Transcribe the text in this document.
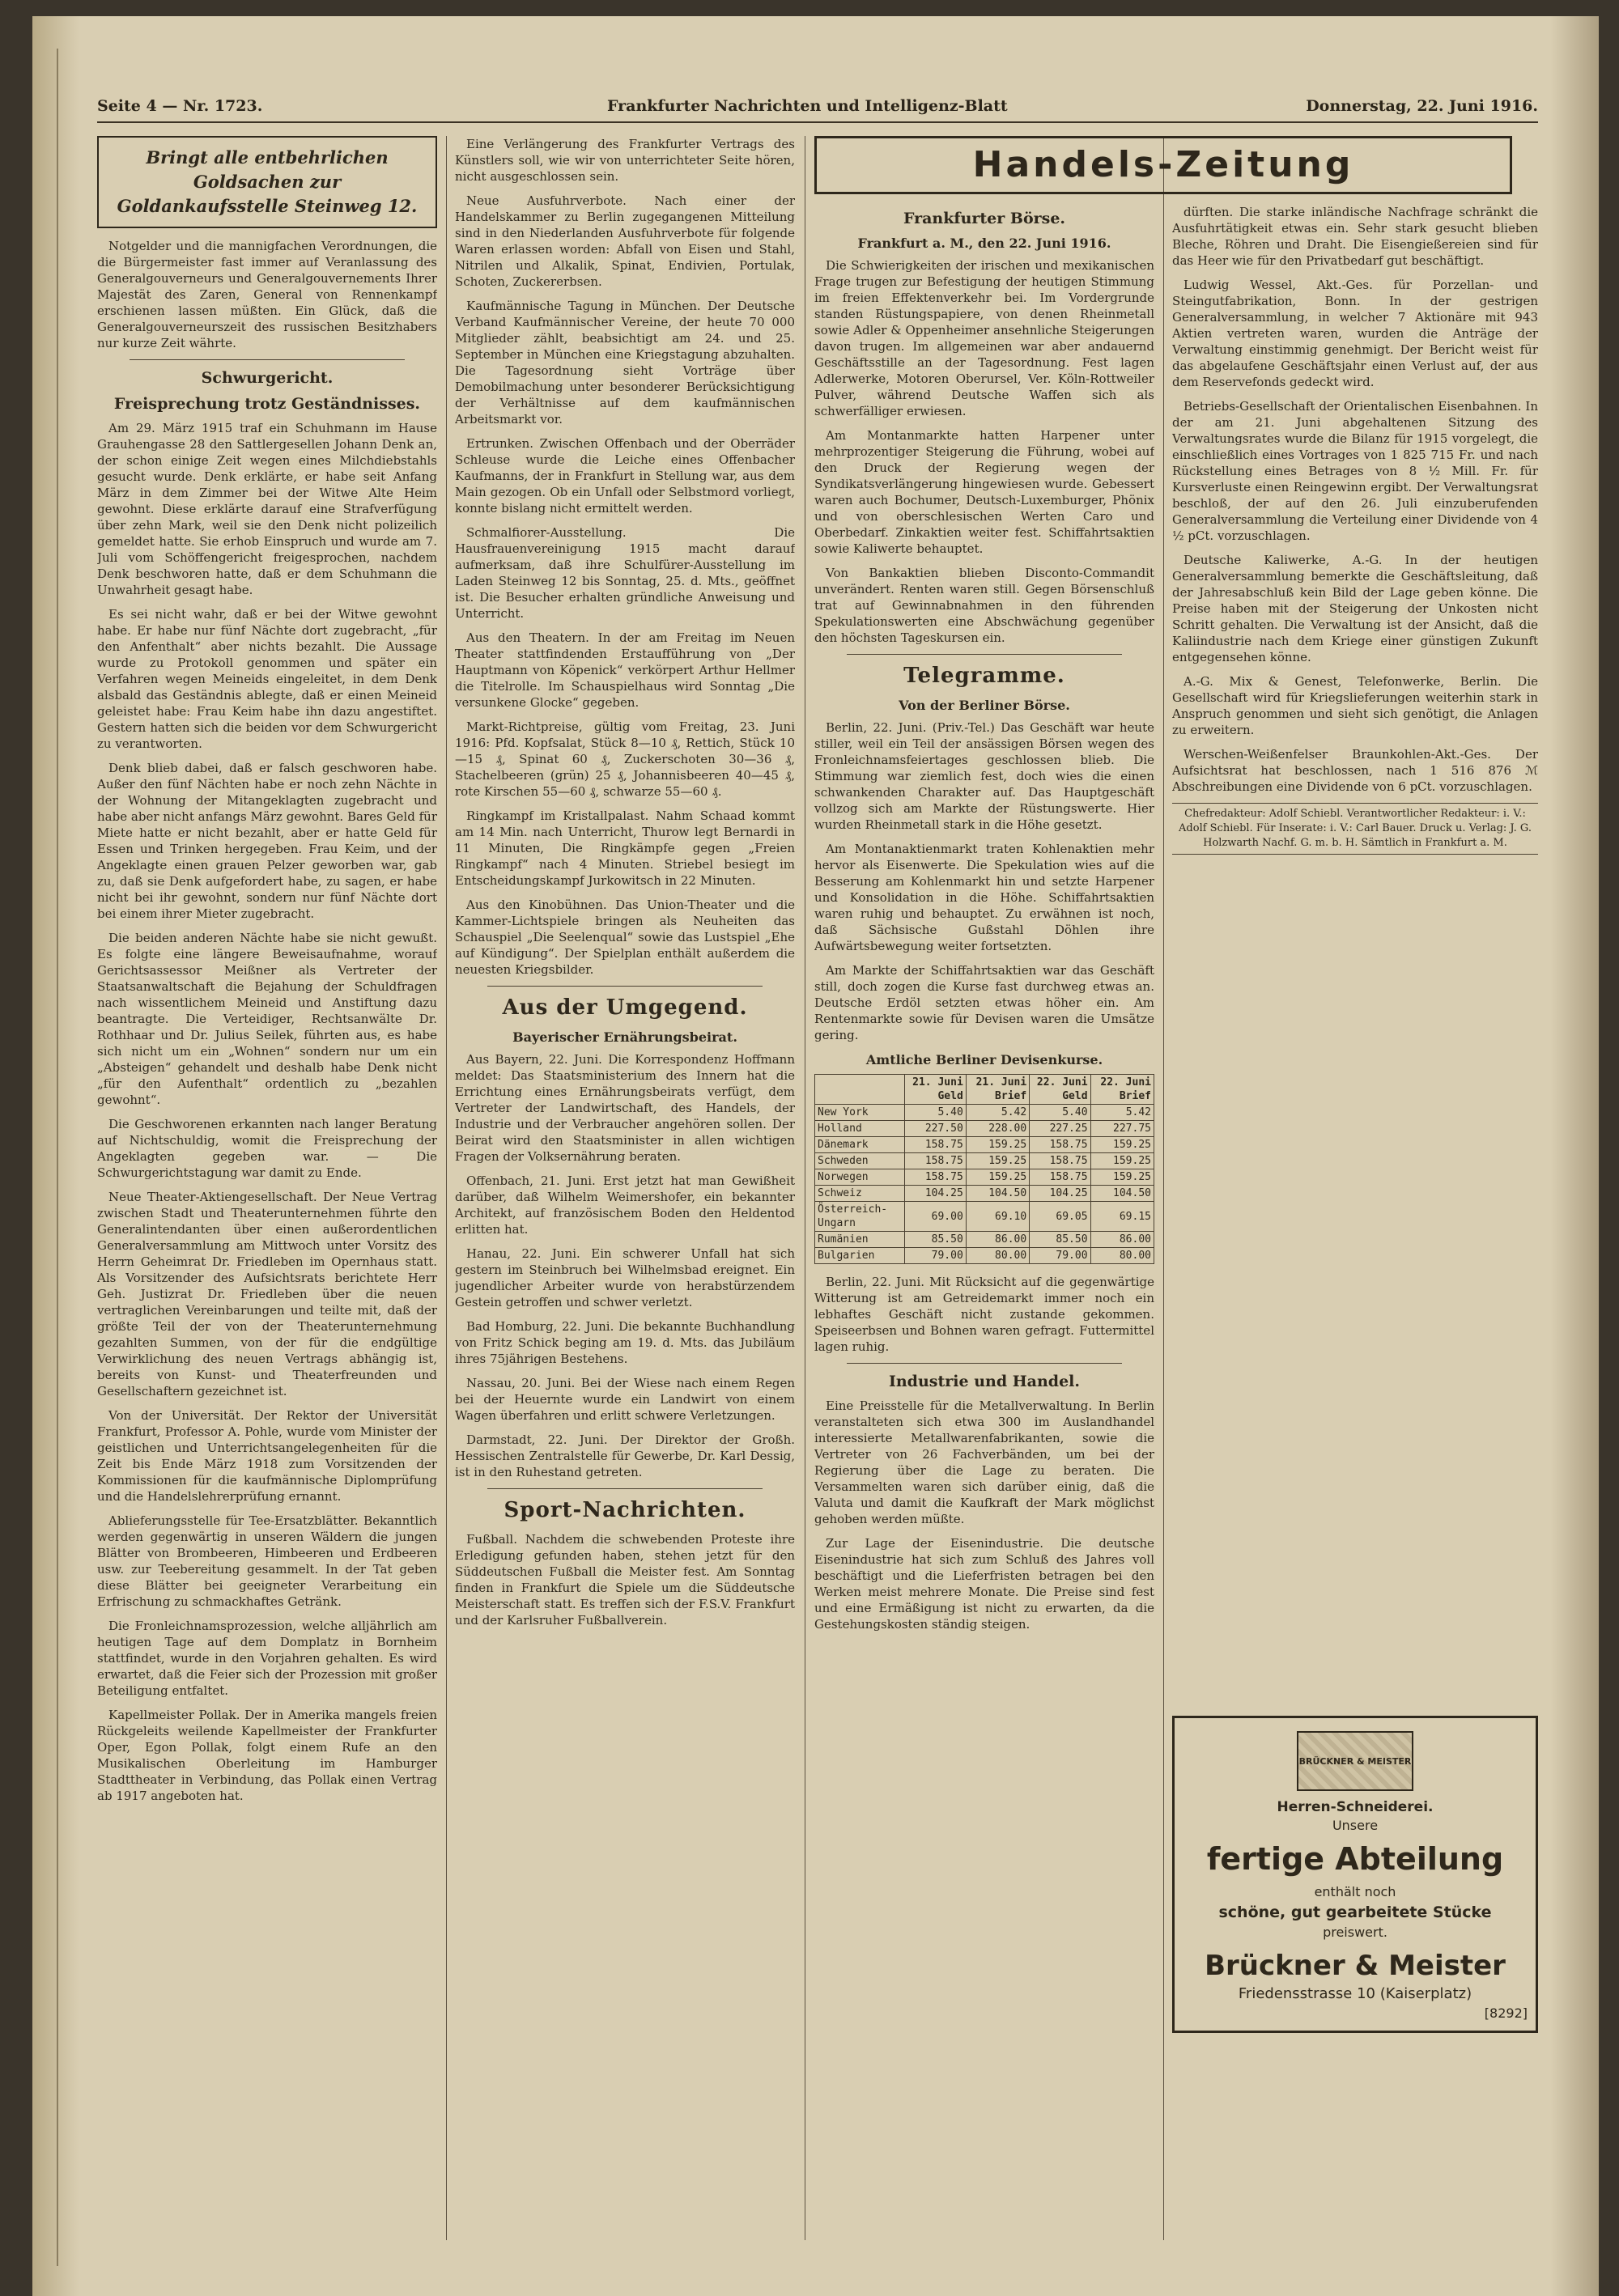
Seite 4 — Nr. 1723.	Frankfurter Nachrichten und Intelligenz-Blatt	Donnerstag, 22. Juni 1916.
Bringt alle entbehrlichen Goldsachen zur Goldankaufsstelle Steinweg 12.

Notgelder und die mannigfachen Verordnungen, die die Bürgermeister fast immer auf Veranlassung des Generalgouverneurs und Generalgouvernements Ihrer Majestät des Zaren, General von Rennenkampf erschienen lassen müßten. Ein Glück, daß die Generalgouverneurszeit des russischen Besitzhabers nur kurze Zeit währte.

Schwurgericht.
Freisprechung trotz Geständnisses.

Am 29. März 1915 traf ein Schuhmann im Hause Grauhengasse 28 den Sattlergesellen Johann Denk an, der schon einige Zeit wegen eines Milchdiebstahls gesucht wurde. Denk erklärte, er habe seit Anfang März in dem Zimmer bei der Witwe Alte Heim gewohnt. Diese erklärte darauf eine Strafverfügung über zehn Mark, weil sie den Denk nicht polizeilich gemeldet hatte. Sie erhob Einspruch und wurde am 7. Juli vom Schöffengericht freigesprochen, nachdem Denk beschworen hatte, daß er dem Schuhmann die Unwahrheit gesagt habe.

Es sei nicht wahr, daß er bei der Witwe gewohnt habe. Er habe nur fünf Nächte dort zugebracht, „für den Anfenthalt“ aber nichts bezahlt. Die Aussage wurde zu Protokoll genommen und später ein Verfahren wegen Meineids eingeleitet, in dem Denk alsbald das Geständnis ablegte, daß er einen Meineid geleistet habe: Frau Keim habe ihn dazu angestiftet. Gestern hatten sich die beiden vor dem Schwurgericht zu verantworten.

Denk blieb dabei, daß er falsch geschworen habe. Außer den fünf Nächten habe er noch zehn Nächte in der Wohnung der Mitangeklagten zugebracht und habe aber nicht anfangs März gewohnt. Bares Geld für Miete hatte er nicht bezahlt, aber er hatte Geld für Essen und Trinken hergegeben. Frau Keim, und der Angeklagte einen grauen Pelzer geworben war, gab zu, daß sie Denk aufgefordert habe, zu sagen, er habe nicht bei ihr gewohnt, sondern nur fünf Nächte dort bei einem ihrer Mieter zugebracht.

Die beiden anderen Nächte habe sie nicht gewußt. Es folgte eine längere Beweisaufnahme, worauf Gerichtsassessor Meißner als Vertreter der Staatsanwaltschaft die Bejahung der Schuldfragen nach wissentlichem Meineid und Anstiftung dazu beantragte. Die Verteidiger, Rechtsanwälte Dr. Rothhaar und Dr. Julius Seilek, führten aus, es habe sich nicht um ein „Wohnen“ sondern nur um ein „Absteigen“ gehandelt und deshalb habe Denk nicht „für den Aufenthalt“ ordentlich zu „bezahlen gewohnt“.

Die Geschworenen erkannten nach langer Beratung auf Nichtschuldig, womit die Freisprechung der Angeklagten gegeben war. — Die Schwurgerichtstagung war damit zu Ende.

Neue Theater-Aktiengesellschaft. Der Neue Vertrag zwischen Stadt und Theaterunternehmen führte den Generalintendanten über einen außerordentlichen Generalversammlung am Mittwoch unter Vorsitz des Herrn Geheimrat Dr. Friedleben im Opernhaus statt. Als Vorsitzender des Aufsichtsrats berichtete Herr Geh. Justizrat Dr. Friedleben über die neuen vertraglichen Vereinbarungen und teilte mit, daß der größte Teil der von der Theaterunternehmung gezahlten Summen, von der für die endgültige Verwirklichung des neuen Vertrags abhängig ist, bereits von Kunst- und Theaterfreunden und Gesellschaftern gezeichnet ist.

Von der Universität. Der Rektor der Universität Frankfurt, Professor A. Pohle, wurde vom Minister der geistlichen und Unterrichtsangelegenheiten für die Zeit bis Ende März 1918 zum Vorsitzenden der Kommissionen für die kaufmännische Diplomprüfung und die Handelslehrerprüfung ernannt.

Ablieferungsstelle für Tee-Ersatzblätter. Bekanntlich werden gegenwärtig in unseren Wäldern die jungen Blätter von Brombeeren, Himbeeren und Erdbeeren usw. zur Teebereitung gesammelt. In der Tat geben diese Blätter bei geeigneter Verarbeitung ein Erfrischung zu schmackhaftes Getränk.

Die Fronleichnamsprozession, welche alljährlich am heutigen Tage auf dem Domplatz in Bornheim stattfindet, wurde in den Vorjahren gehalten. Es wird erwartet, daß die Feier sich der Prozession mit großer Beteiligung entfaltet.

Kapellmeister Pollak. Der in Amerika mangels freien Rückgeleits weilende Kapellmeister der Frankfurter Oper, Egon Pollak, folgt einem Rufe an den Musikalischen Oberleitung im Hamburger Stadttheater in Verbindung, das Pollak einen Vertrag ab 1917 angeboten hat.

Eine Verlängerung des Frankfurter Vertrags des Künstlers soll, wie wir von unterrichteter Seite hören, nicht ausgeschlossen sein.

Neue Ausfuhrverbote. Nach einer der Handelskammer zu Berlin zugegangenen Mitteilung sind in den Niederlanden Ausfuhrverbote für folgende Waren erlassen worden: Abfall von Eisen und Stahl, Nitrilen und Alkalik, Spinat, Endivien, Portulak, Schoten, Zuckererbsen.

Kaufmännische Tagung in München. Der Deutsche Verband Kaufmännischer Vereine, der heute 70 000 Mitglieder zählt, beabsichtigt am 24. und 25. September in München eine Kriegstagung abzuhalten. Die Tagesordnung sieht Vorträge über Demobilmachung unter besonderer Berücksichtigung der Verhältnisse auf dem kaufmännischen Arbeitsmarkt vor.

Ertrunken. Zwischen Offenbach und der Oberräder Schleuse wurde die Leiche eines Offenbacher Kaufmanns, der in Frankfurt in Stellung war, aus dem Main gezogen. Ob ein Unfall oder Selbstmord vorliegt, konnte bislang nicht ermittelt werden.

Schmalfiorer-Ausstellung. Die Hausfrauenvereinigung 1915 macht darauf aufmerksam, daß ihre Schulfürer-Ausstellung im Laden Steinweg 12 bis Sonntag, 25. d. Mts., geöffnet ist. Die Besucher erhalten gründliche Anweisung und Unterricht.

Aus den Theatern. In der am Freitag im Neuen Theater stattfindenden Erstaufführung von „Der Hauptmann von Köpenick“ verkörpert Arthur Hellmer die Titelrolle. Im Schauspielhaus wird Sonntag „Die versunkene Glocke“ gegeben.

Markt-Richtpreise, gültig vom Freitag, 23. Juni 1916: Pfd. Kopfsalat, Stück 8—10 ₰, Rettich, Stück 10—15 ₰, Spinat 60 ₰, Zuckerschoten 30—36 ₰, Stachelbeeren (grün) 25 ₰, Johannisbeeren 40—45 ₰, rote Kirschen 55—60 ₰, schwarze 55—60 ₰.

Ringkampf im Kristallpalast. Nahm Schaad kommt am 14 Min. nach Unterricht, Thurow legt Bernardi in 11 Minuten, Die Ringkämpfe gegen „Freien Ringkampf“ nach 4 Minuten. Striebel besiegt im Entscheidungskampf Jurkowitsch in 22 Minuten.

Aus den Kinobühnen. Das Union-Theater und die Kammer-Lichtspiele bringen als Neuheiten das Schauspiel „Die Seelenqual“ sowie das Lustspiel „Ehe auf Kündigung“. Der Spielplan enthält außerdem die neuesten Kriegsbilder.

Aus der Umgegend.
Bayerischer Ernährungsbeirat.

Aus Bayern, 22. Juni. Die Korrespondenz Hoffmann meldet: Das Staatsministerium des Innern hat die Errichtung eines Ernährungsbeirats verfügt, dem Vertreter der Landwirtschaft, des Handels, der Industrie und der Verbraucher angehören sollen. Der Beirat wird den Staatsminister in allen wichtigen Fragen der Volksernährung beraten.

Offenbach, 21. Juni. Erst jetzt hat man Gewißheit darüber, daß Wilhelm Weimershofer, ein bekannter Architekt, auf französischem Boden den Heldentod erlitten hat.

Hanau, 22. Juni. Ein schwerer Unfall hat sich gestern im Steinbruch bei Wilhelmsbad ereignet. Ein jugendlicher Arbeiter wurde von herabstürzendem Gestein getroffen und schwer verletzt.

Bad Homburg, 22. Juni. Die bekannte Buchhandlung von Fritz Schick beging am 19. d. Mts. das Jubiläum ihres 75jährigen Bestehens.

Nassau, 20. Juni. Bei der Wiese nach einem Regen bei der Heuernte wurde ein Landwirt von einem Wagen überfahren und erlitt schwere Verletzungen.

Darmstadt, 22. Juni. Der Direktor der Großh. Hessischen Zentralstelle für Gewerbe, Dr. Karl Dessig, ist in den Ruhestand getreten.

Sport-Nachrichten.

Fußball. Nachdem die schwebenden Proteste ihre Erledigung gefunden haben, stehen jetzt für den Süddeutschen Fußball die Meister fest. Am Sonntag finden in Frankfurt die Spiele um die Süddeutsche Meisterschaft statt. Es treffen sich der F.S.V. Frankfurt und der Karlsruher Fußballverein.

Handels-Zeitung
Frankfurter Börse.
Frankfurt a. M., den 22. Juni 1916.

Die Schwierigkeiten der irischen und mexikanischen Frage trugen zur Befestigung der heutigen Stimmung im freien Effektenverkehr bei. Im Vordergrunde standen Rüstungspapiere, von denen Rheinmetall sowie Adler & Oppenheimer ansehnliche Steigerungen davon trugen. Im allgemeinen war aber andauernd Geschäftsstille an der Tagesordnung. Fest lagen Adlerwerke, Motoren Oberursel, Ver. Köln-Rottweiler Pulver, während Deutsche Waffen sich als schwerfälliger erwiesen.

Am Montanmarkte hatten Harpener unter mehrprozentiger Steigerung die Führung, wobei auf den Druck der Regierung wegen der Syndikatsverlängerung hingewiesen wurde. Gebessert waren auch Bochumer, Deutsch-Luxemburger, Phönix und von oberschlesischen Werten Caro und Oberbedarf. Zinkaktien weiter fest. Schiffahrtsaktien sowie Kaliwerte behauptet.

Von Bankaktien blieben Disconto-Commandit unverändert. Renten waren still. Gegen Börsenschluß trat auf Gewinnabnahmen in den führenden Spekulationswerten eine Abschwächung gegenüber den höchsten Tageskursen ein.

Telegramme.
Von der Berliner Börse.

Berlin, 22. Juni. (Priv.-Tel.) Das Geschäft war heute stiller, weil ein Teil der ansässigen Börsen wegen des Fronleichnamsfeiertages geschlossen blieb. Die Stimmung war ziemlich fest, doch wies die einen schwankenden Charakter auf. Das Hauptgeschäft vollzog sich am Markte der Rüstungswerte. Hier wurden Rheinmetall stark in die Höhe gesetzt.

Am Montanaktienmarkt traten Kohlenaktien mehr hervor als Eisenwerte. Die Spekulation wies auf die Besserung am Kohlenmarkt hin und setzte Harpener und Konsolidation in die Höhe. Schiffahrtsaktien waren ruhig und behauptet. Zu erwähnen ist noch, daß Sächsische Gußstahl Döhlen ihre Aufwärtsbewegung weiter fortsetzten.

Am Markte der Schiffahrtsaktien war das Geschäft still, doch zogen die Kurse fast durchweg etwas an. Deutsche Erdöl setzten etwas höher ein. Am Rentenmarkte sowie für Devisen waren die Umsätze gering.

Amtliche Berliner Devisenkurse.
	21. Juni Geld	21. Juni Brief	22. Juni Geld	22. Juni Brief
New York	5.40	5.42	5.40	5.42
Holland	227.50	228.00	227.25	227.75
Dänemark	158.75	159.25	158.75	159.25
Schweden	158.75	159.25	158.75	159.25
Norwegen	158.75	159.25	158.75	159.25
Schweiz	104.25	104.50	104.25	104.50
Österreich-Ungarn	69.00	69.10	69.05	69.15
Rumänien	85.50	86.00	85.50	86.00
Bulgarien	79.00	80.00	79.00	80.00

Berlin, 22. Juni. Mit Rücksicht auf die gegenwärtige Witterung ist am Getreidemarkt immer noch ein lebhaftes Geschäft nicht zustande gekommen. Speiseerbsen und Bohnen waren gefragt. Futtermittel lagen ruhig.

Industrie und Handel.

Eine Preisstelle für die Metallverwaltung. In Berlin veranstalteten sich etwa 300 im Auslandhandel interessierte Metallwarenfabrikanten, sowie die Vertreter von 26 Fachverbänden, um bei der Regierung über die Lage zu beraten. Die Versammelten waren sich darüber einig, daß die Valuta und damit die Kaufkraft der Mark möglichst gehoben werden müßte.

Zur Lage der Eisenindustrie. Die deutsche Eisenindustrie hat sich zum Schluß des Jahres voll beschäftigt und die Lieferfristen betragen bei den Werken meist mehrere Monate. Die Preise sind fest und eine Ermäßigung ist nicht zu erwarten, da die Gestehungskosten ständig steigen.

dürften. Die starke inländische Nachfrage schränkt die Ausfuhrtätigkeit etwas ein. Sehr stark gesucht blieben Bleche, Röhren und Draht. Die Eisengießereien sind für das Heer wie für den Privatbedarf gut beschäftigt.

Ludwig Wessel, Akt.-Ges. für Porzellan- und Steingutfabrikation, Bonn. In der gestrigen Generalversammlung, in welcher 7 Aktionäre mit 943 Aktien vertreten waren, wurden die Anträge der Verwaltung einstimmig genehmigt. Der Bericht weist für das abgelaufene Geschäftsjahr einen Verlust auf, der aus dem Reservefonds gedeckt wird.

Betriebs-Gesellschaft der Orientalischen Eisenbahnen. In der am 21. Juni abgehaltenen Sitzung des Verwaltungsrates wurde die Bilanz für 1915 vorgelegt, die einschließlich eines Vortrages von 1 825 715 Fr. und nach Rückstellung eines Betrages von 8 ½ Mill. Fr. für Kursverluste einen Reingewinn ergibt. Der Verwaltungsrat beschloß, der auf den 26. Juli einzuberufenden Generalversammlung die Verteilung einer Dividende von 4 ½ pCt. vorzuschlagen.

Deutsche Kaliwerke, A.-G. In der heutigen Generalversammlung bemerkte die Geschäftsleitung, daß der Jahresabschluß kein Bild der Lage geben könne. Die Preise haben mit der Steigerung der Unkosten nicht Schritt gehalten. Die Verwaltung ist der Ansicht, daß die Kaliindustrie nach dem Kriege einer günstigen Zukunft entgegensehen könne.

A.-G. Mix & Genest, Telefonwerke, Berlin. Die Gesellschaft wird für Kriegslieferungen weiterhin stark in Anspruch genommen und sieht sich genötigt, die Anlagen zu erweitern.

Werschen-Weißenfelser Braunkohlen-Akt.-Ges. Der Aufsichtsrat hat beschlossen, nach 1 516 876 ℳ Abschreibungen eine Dividende von 6 pCt. vorzuschlagen.

Chefredakteur: Adolf Schiebl. Verantwortlicher Redakteur: i. V.: Adolf Schiebl. Für Inserate: i. V.: Carl Bauer. Druck u. Verlag: J. G. Holzwarth Nachf. G. m. b. H. Sämtlich in Frankfurt a. M.
BRÜCKNER & MEISTER
Herren-Schneiderei.
Unsere
fertige Abteilung
enthält noch
schöne, gut gearbeitete Stücke
preiswert.
Brückner & Meister
Friedensstrasse 10 (Kaiserplatz)
[8292]
